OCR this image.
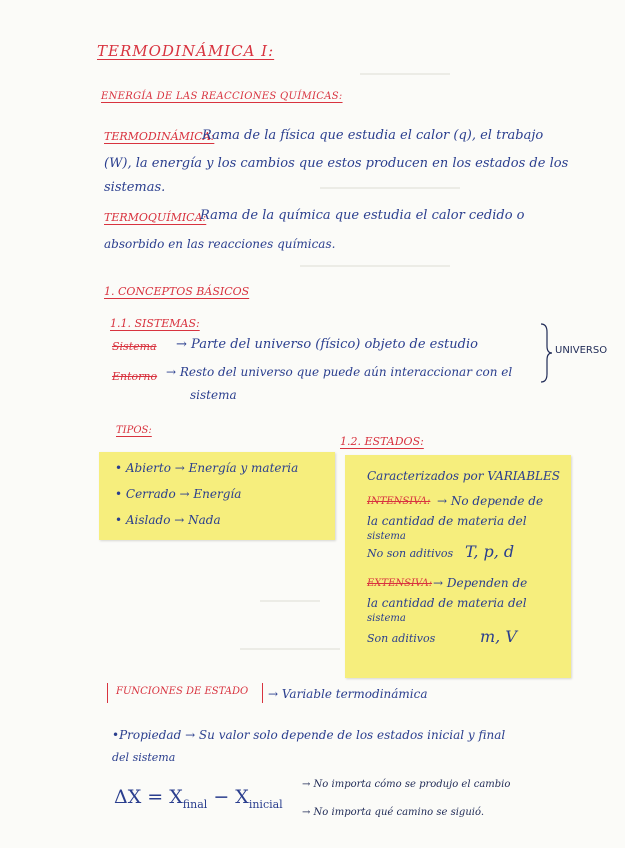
TERMODINÁMICA I:
ENERGÍA DE LAS REACCIONES QUÍMICAS:
TERMODINÁMICA:
Rama de la física que estudia el calor (q), el trabajo
(W), la energía y los cambios que estos producen en los estados de los
sistemas.
TERMOQUÍMICA:
Rama de la química que estudia el calor cedido o
absorbido en las reacciones químicas.
1. CONCEPTOS BÁSICOS
1.1. SISTEMAS:
Sistema → Parte del universo (físico) objeto de estudio
Entorno → Resto del universo que puede aún interaccionar con el
sistema
UNIVERSO
TIPOS:
• Abierto → Energía y materia
• Cerrado → Energía
• Aislado → Nada
1.2. ESTADOS:
Caracterizados por VARIABLES
INTENSIVA: → No depende de
la cantidad de materia del
sistema
No son aditivos T, p, d
EXTENSIVA: → Dependen de
la cantidad de materia del
sistema
Son aditivos	m, V
FUNCIONES DE ESTADO → Variable termodinámica
•Propiedad → Su valor solo depende de los estados inicial y final
del sistema
$\Delta X = X_{final} - X_{inicial}$
→ No importa cómo se produjo el cambio
→ No importa qué camino se siguió.
